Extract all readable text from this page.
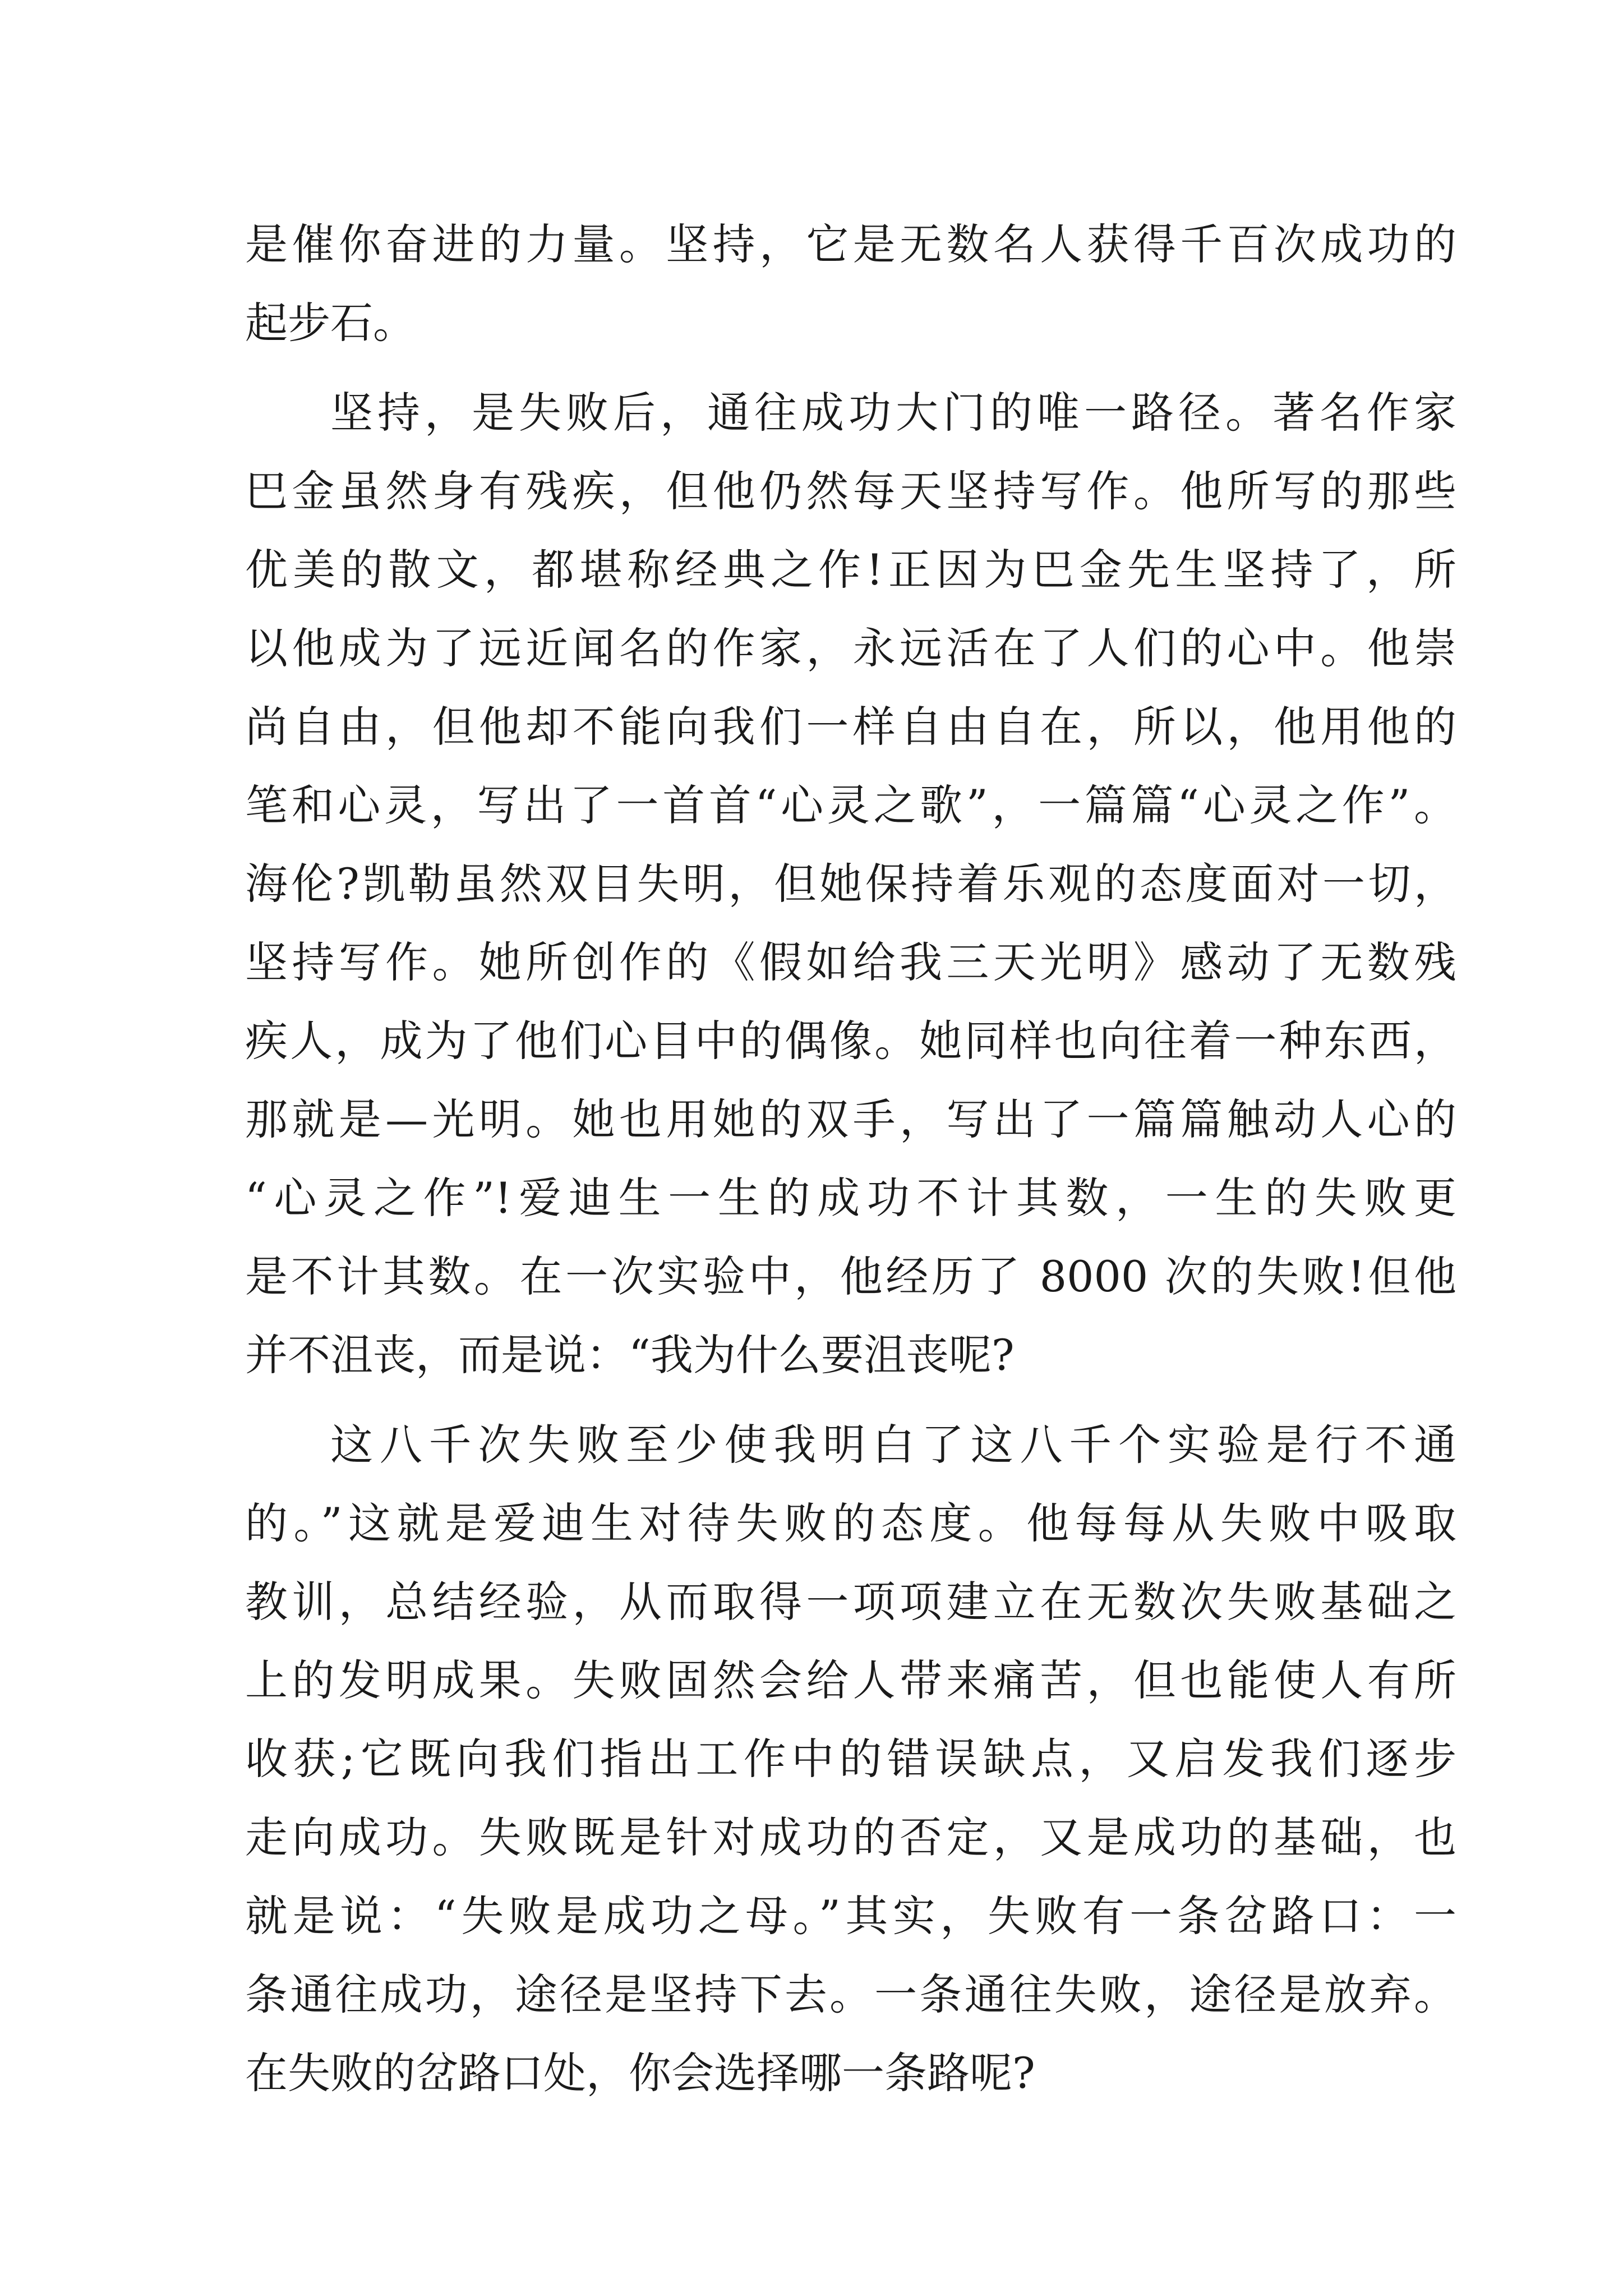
是催你奋进的力量。坚持，它是无数名人获得千百次成功的
起步石。
坚持，是失败后，通往成功大门的唯一路径。著名作家
巴金虽然身有残疾，但他仍然每天坚持写作。他所写的那些
优美的散文，都堪称经典之作!正因为巴金先生坚持了，所
以他成为了远近闻名的作家，永远活在了人们的心中。他崇
尚自由，但他却不能向我们一样自由自在，所以，他用他的
笔和心灵，写出了一首首“心灵之歌”，一篇篇“心灵之作”。
海伦?凯勒虽然双目失明，但她保持着乐观的态度面对一切，
坚持写作。她所创作的《假如给我三天光明》感动了无数残
疾人，成为了他们心目中的偶像。她同样也向往着一种东西，
那就是—光明。她也用她的双手，写出了一篇篇触动人心的
“心灵之作”!爱迪生一生的成功不计其数，一生的失败更
是不计其数。在一次实验中，他经历了 8000 次的失败!但他
并不沮丧，而是说：“我为什么要沮丧呢?
这八千次失败至少使我明白了这八千个实验是行不通
的。”这就是爱迪生对待失败的态度。他每每从失败中吸取
教训，总结经验，从而取得一项项建立在无数次失败基础之
上的发明成果。失败固然会给人带来痛苦，但也能使人有所
收获;它既向我们指出工作中的错误缺点，又启发我们逐步
走向成功。失败既是针对成功的否定，又是成功的基础，也
就是说：“失败是成功之母。”其实，失败有一条岔路口：一
条通往成功，途径是坚持下去。一条通往失败，途径是放弃。
在失败的岔路口处，你会选择哪一条路呢?
